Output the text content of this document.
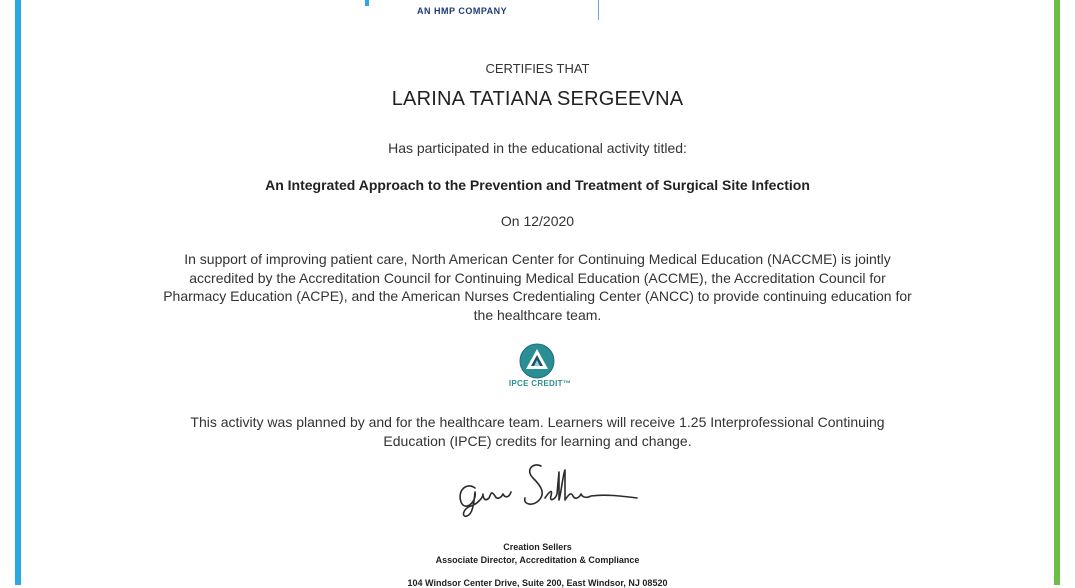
AN HMP COMPANY
CERTIFIES THAT
LARINA TATIANA SERGEEVNA
Has participated in the educational activity titled:
An Integrated Approach to the Prevention and Treatment of Surgical Site Infection
On 12/2020
In support of improving patient care, North American Center for Continuing Medical Education (NACCME) is jointly accredited by the Accreditation Council for Continuing Medical Education (ACCME), the Accreditation Council for Pharmacy Education (ACPE), and the American Nurses Credentialing Center (ANCC) to provide continuing education for the healthcare team.
IPCE CREDIT™
This activity was planned by and for the healthcare team. Learners will receive 1.25 Interprofessional Continuing Education (IPCE) credits for learning and change.
Creation Sellers
Associate Director, Accreditation & Compliance
104 Windsor Center Drive, Suite 200, East Windsor, NJ 08520
